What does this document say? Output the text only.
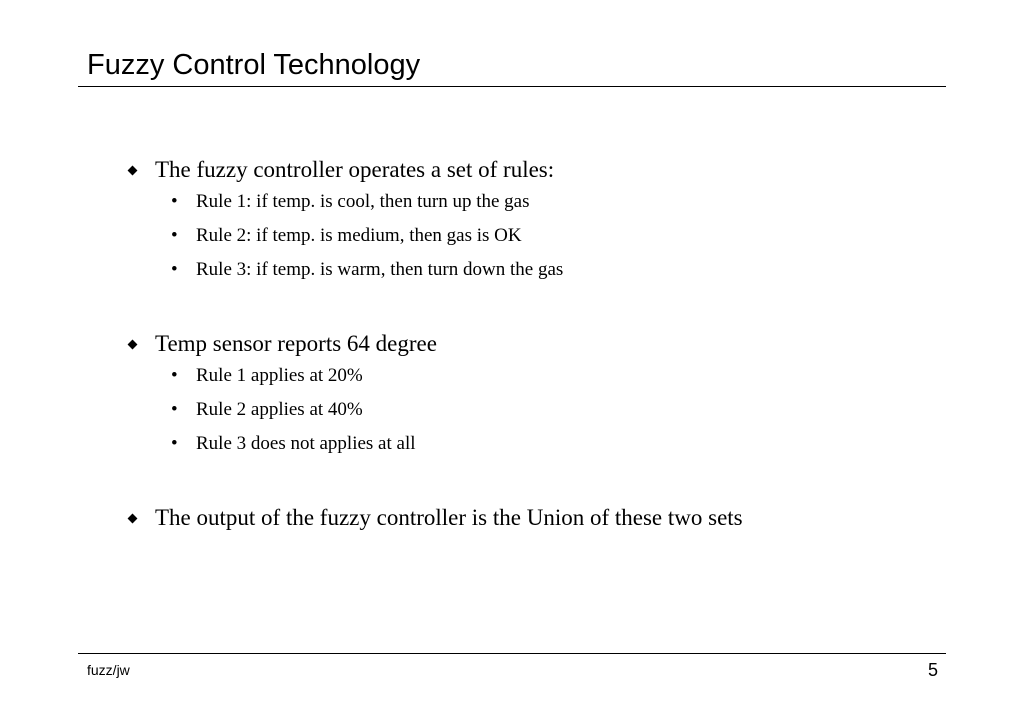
Fuzzy Control Technology
The fuzzy controller operates a set of rules:
• Rule 1: if temp. is cool, then turn up the gas
• Rule 2: if temp. is medium, then gas is OK
• Rule 3: if temp. is warm, then turn down the gas
Temp sensor reports 64 degree
• Rule 1 applies at 20%
• Rule 2 applies at 40%
• Rule 3 does not applies at all
The output of the fuzzy controller is the Union of these two sets
fuzz/jw	5
